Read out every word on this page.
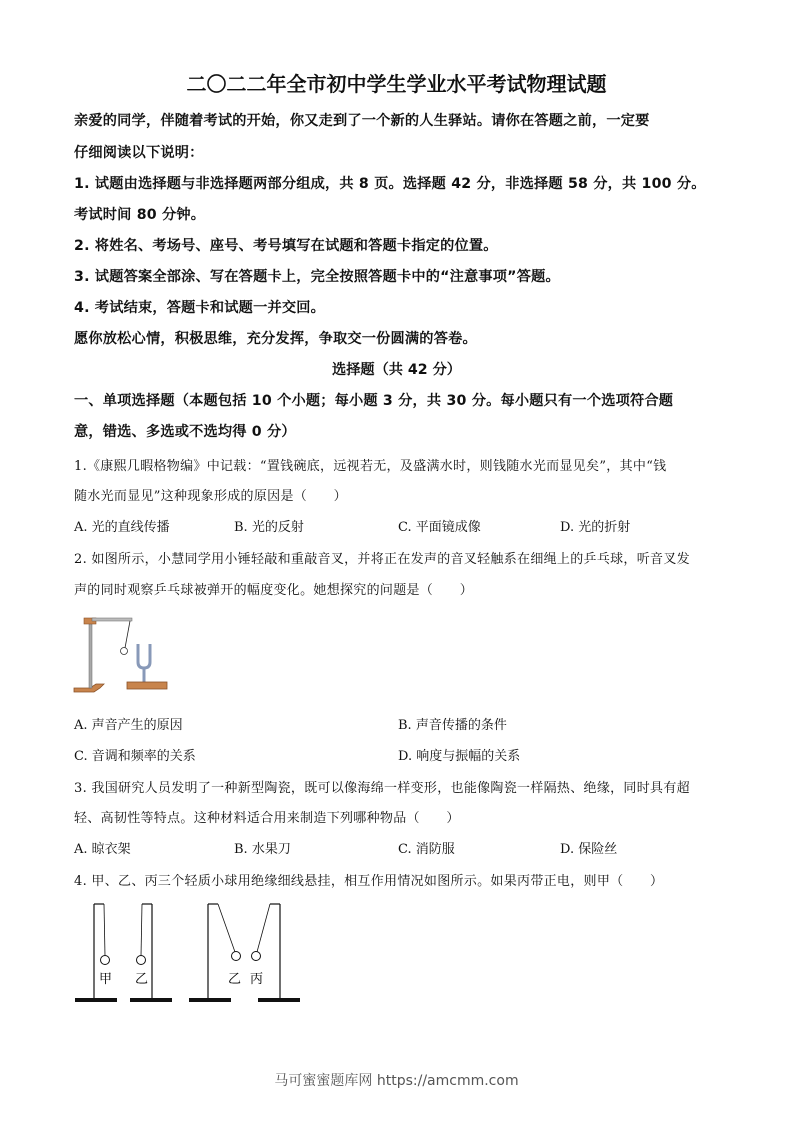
二〇二二年全市初中学生学业水平考试物理试题
亲爱的同学，伴随着考试的开始，你又走到了一个新的人生驿站。请你在答题之前，一定要
仔细阅读以下说明：
1. 试题由选择题与非选择题两部分组成，共 8 页。选择题 42 分，非选择题 58 分，共 100 分。
考试时间 80 分钟。
2. 将姓名、考场号、座号、考号填写在试题和答题卡指定的位置。
3. 试题答案全部涂、写在答题卡上，完全按照答题卡中的“注意事项”答题。
4. 考试结束，答题卡和试题一并交回。
愿你放松心情，积极思维，充分发挥，争取交一份圆满的答卷。
选择题（共 42 分）
一、单项选择题（本题包括 10 个小题；每小题 3 分，共 30 分。每小题只有一个选项符合题
意，错选、多选或不选均得 0 分）
1.《康熙几暇格物编》中记载：“置钱碗底，远视若无，及盛满水时，则钱随水光而显见矣”，其中“钱
随水光而显见”这种现象形成的原因是（　　）
A. 光的直线传播	B. 光的反射	C. 平面镜成像	D. 光的折射
2. 如图所示，小慧同学用小锤轻敲和重敲音叉，并将正在发声的音叉轻触系在细绳上的乒乓球，听音叉发
声的同时观察乒乓球被弹开的幅度变化。她想探究的问题是（　　）
A. 声音产生的原因	B. 声音传播的条件
C. 音调和频率的关系	D. 响度与振幅的关系
3. 我国研究人员发明了一种新型陶瓷，既可以像海绵一样变形，也能像陶瓷一样隔热、绝缘，同时具有超
轻、高韧性等特点。这种材料适合用来制造下列哪种物品（　　）
A. 晾衣架	B. 水果刀	C. 消防服	D. 保险丝
4. 甲、乙、丙三个轻质小球用绝缘细线悬挂，相互作用情况如图所示。如果丙带正电，则甲（　　）
甲 乙	乙 丙
马可蜜蜜题库网 https://amcmm.com
